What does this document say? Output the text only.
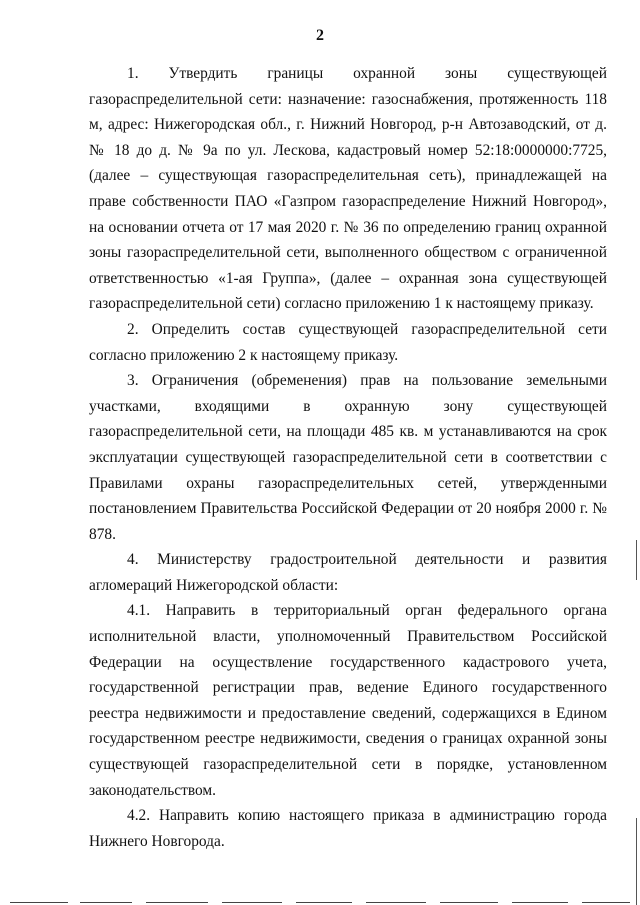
2

1. Утвердить границы охранной зоны существующей газораспределительной сети: назначение: газоснабжения, протяженность 118 м, адрес: Нижегородская обл., г. Нижний Новгород, р-н Автозаводский, от д. № 18 до д. № 9а по ул. Лескова, кадастровый номер 52:18:0000000:7725, (далее – существующая газораспределительная сеть), принадлежащей на праве собственности ПАО «Газпром газораспределение Нижний Новгород», на основании отчета от 17 мая 2020 г. № 36 по определению границ охранной зоны газораспределительной сети, выполненного обществом с ограниченной ответственностью «1-ая Группа», (далее – охранная зона существующей газораспределительной сети) согласно приложению 1 к настоящему приказу.

2. Определить состав существующей газораспределительной сети согласно приложению 2 к настоящему приказу.

3. Ограничения (обременения) прав на пользование земельными участками, входящими в охранную зону существующей газораспределительной сети, на площади 485 кв. м устанавливаются на срок эксплуатации существующей газораспределительной сети в соответствии с Правилами охраны газораспределительных сетей, утвержденными постановлением Правительства Российской Федерации от 20 ноября 2000 г. № 878.

4. Министерству градостроительной деятельности и развития агломераций Нижегородской области:

4.1. Направить в территориальный орган федерального органа исполнительной власти, уполномоченный Правительством Российской Федерации на осуществление государственного кадастрового учета, государственной регистрации прав, ведение Единого государственного реестра недвижимости и предоставление сведений, содержащихся в Едином государственном реестре недвижимости, сведения о границах охранной зоны существующей газораспределительной сети в порядке, установленном законодательством.

4.2. Направить копию настоящего приказа в администрацию города Нижнего Новгорода.
